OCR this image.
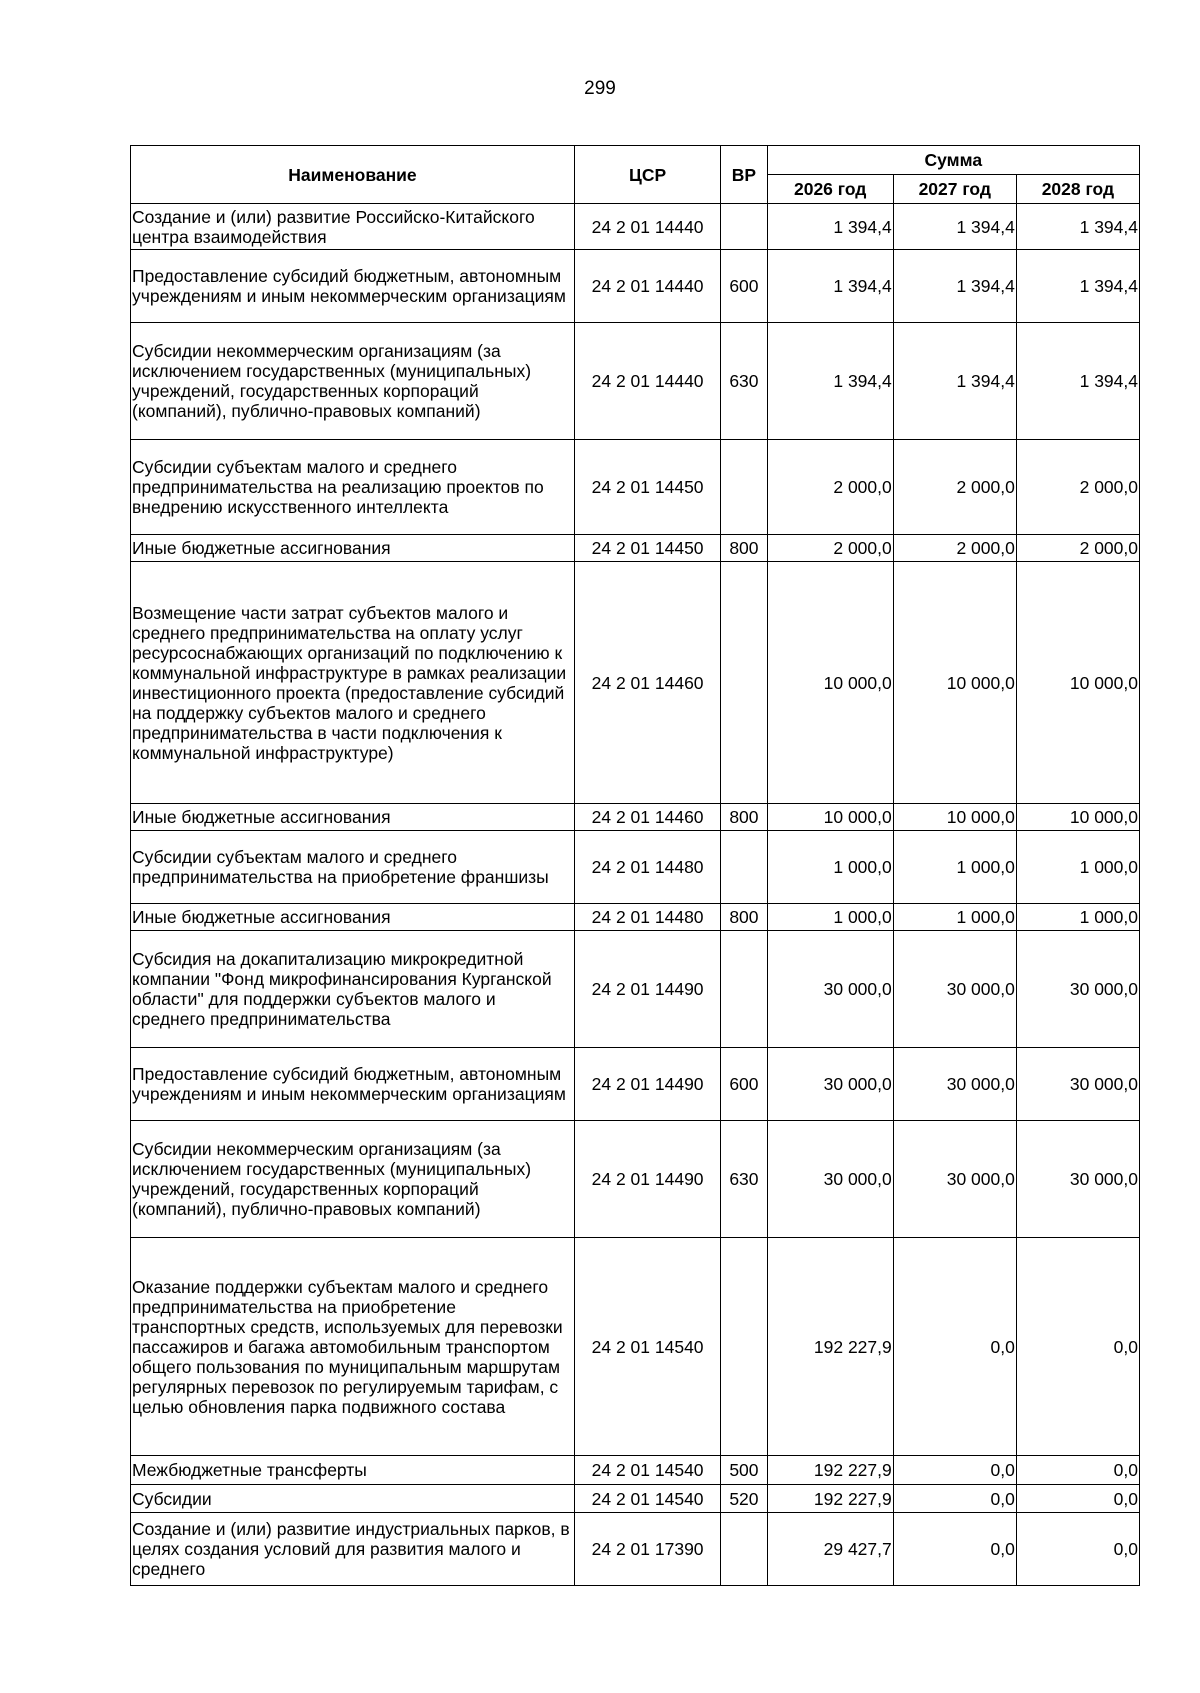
299
Наименование	ЦСР	ВР	Сумма		
			2026 год	2027 год	2028 год
Создание и (или) развитие Российско-Китайского центра взаимодействия	24 2 01 14440		1 394,4	1 394,4	1 394,4
Предоставление субсидий бюджетным, автономным учреждениям и иным некоммерческим организациям	24 2 01 14440	600	1 394,4	1 394,4	1 394,4
Субсидии некоммерческим организациям (за исключением государственных (муниципальных) учреждений, государственных корпораций (компаний), публично-правовых компаний)	24 2 01 14440	630	1 394,4	1 394,4	1 394,4
Субсидии субъектам малого и среднего предпринимательства на реализацию проектов по внедрению искусственного интеллекта	24 2 01 14450		2 000,0	2 000,0	2 000,0
Иные бюджетные ассигнования	24 2 01 14450	800	2 000,0	2 000,0	2 000,0
Возмещение части затрат субъектов малого и среднего предпринимательства на оплату услуг ресурсоснабжающих организаций по подключению к коммунальной инфраструктуре в рамках реализации инвестиционного проекта (предоставление субсидий на поддержку субъектов малого и среднего предпринимательства в части подключения к коммунальной инфраструктуре)	24 2 01 14460		10 000,0	10 000,0	10 000,0
Иные бюджетные ассигнования	24 2 01 14460	800	10 000,0	10 000,0	10 000,0
Субсидии субъектам малого и среднего предпринимательства на приобретение франшизы	24 2 01 14480		1 000,0	1 000,0	1 000,0
Иные бюджетные ассигнования	24 2 01 14480	800	1 000,0	1 000,0	1 000,0
Субсидия на докапитализацию микрокредитной компании "Фонд микрофинансирования Курганской области" для поддержки субъектов малого и среднего предпринимательства	24 2 01 14490		30 000,0	30 000,0	30 000,0
Предоставление субсидий бюджетным, автономным учреждениям и иным некоммерческим организациям	24 2 01 14490	600	30 000,0	30 000,0	30 000,0
Субсидии некоммерческим организациям (за исключением государственных (муниципальных) учреждений, государственных корпораций (компаний), публично-правовых компаний)	24 2 01 14490	630	30 000,0	30 000,0	30 000,0
Оказание поддержки субъектам малого и среднего предпринимательства на приобретение транспортных средств, используемых для перевозки пассажиров и багажа автомобильным транспортом общего пользования по муниципальным маршрутам регулярных перевозок по регулируемым тарифам, с целью обновления парка подвижного состава	24 2 01 14540		192 227,9	0,0	0,0
Межбюджетные трансферты	24 2 01 14540	500	192 227,9	0,0	0,0
Субсидии	24 2 01 14540	520	192 227,9	0,0	0,0
Создание и (или) развитие индустриальных парков, в целях создания условий для развития малого и среднего	24 2 01 17390		29 427,7	0,0	0,0
